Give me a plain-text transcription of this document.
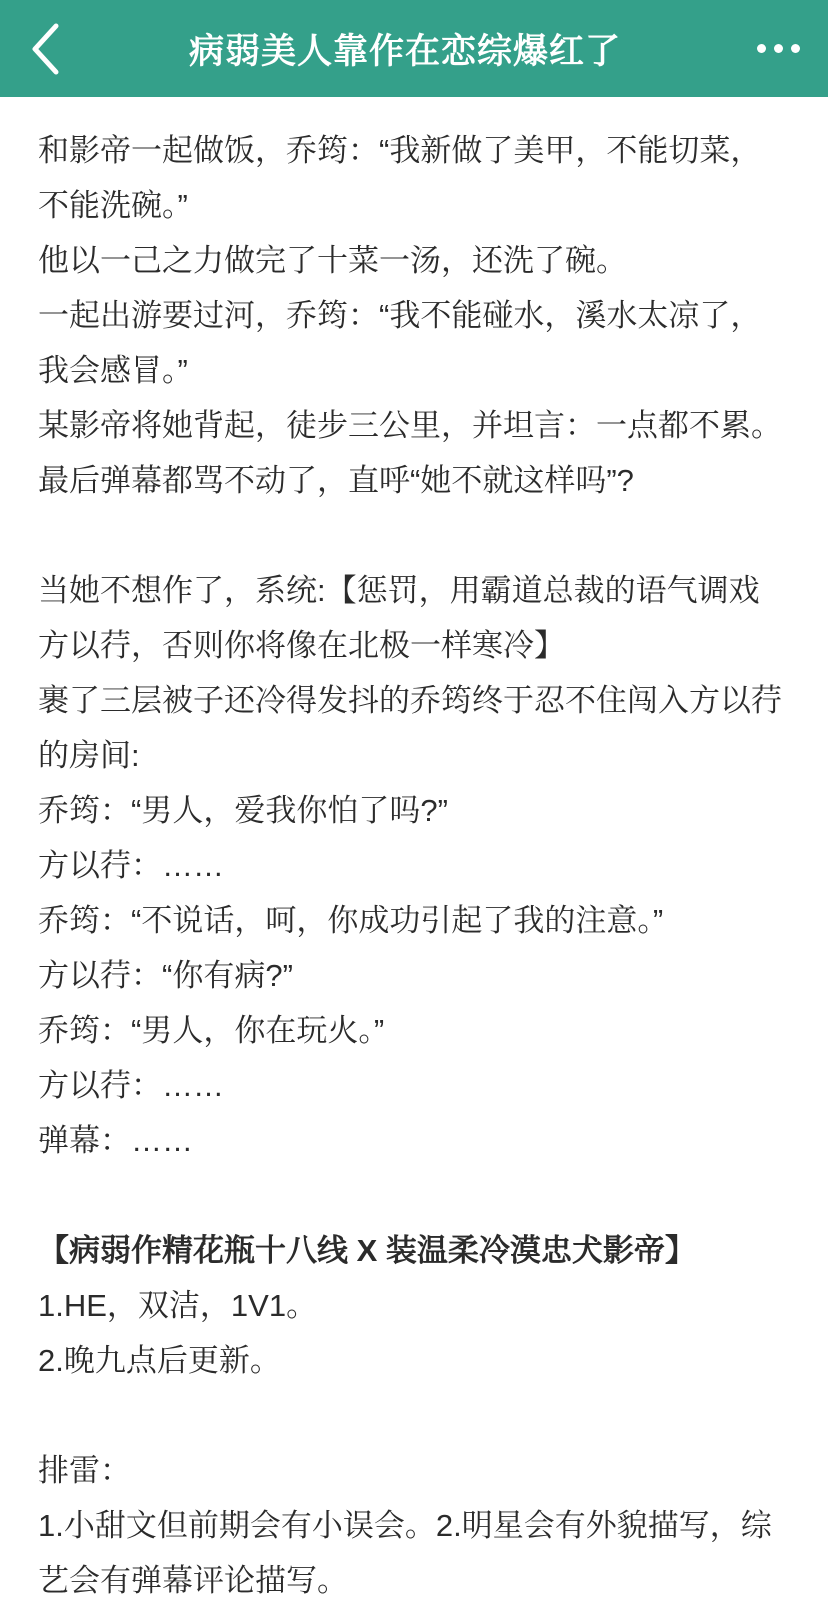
病弱美人靠作在恋综爆红了

和影帝一起做饭，乔筠：“我新做了美甲，不能切菜，不能洗碗。”

他以一己之力做完了十菜一汤，还洗了碗。

一起出游要过河，乔筠：“我不能碰水，溪水太凉了，我会感冒。”

某影帝将她背起，徒步三公里，并坦言：一点都不累。

最后弹幕都骂不动了，直呼“她不就这样吗”?

当她不想作了，系统:【惩罚，用霸道总裁的语气调戏方以荇，否则你将像在北极一样寒冷】

裹了三层被子还冷得发抖的乔筠终于忍不住闯入方以荇的房间:

乔筠：“男人，爱我你怕了吗?”

方以荇：……

乔筠：“不说话，呵，你成功引起了我的注意。”

方以荇：“你有病?”

乔筠：“男人，你在玩火。”

方以荇：……

弹幕：……

【病弱作精花瓶十八线 X 装温柔冷漠忠犬影帝】

1.HE，双洁，1V1。

2.晚九点后更新。

排雷：

1.小甜文但前期会有小误会。2.明星会有外貌描写，综艺会有弹幕评论描写。
